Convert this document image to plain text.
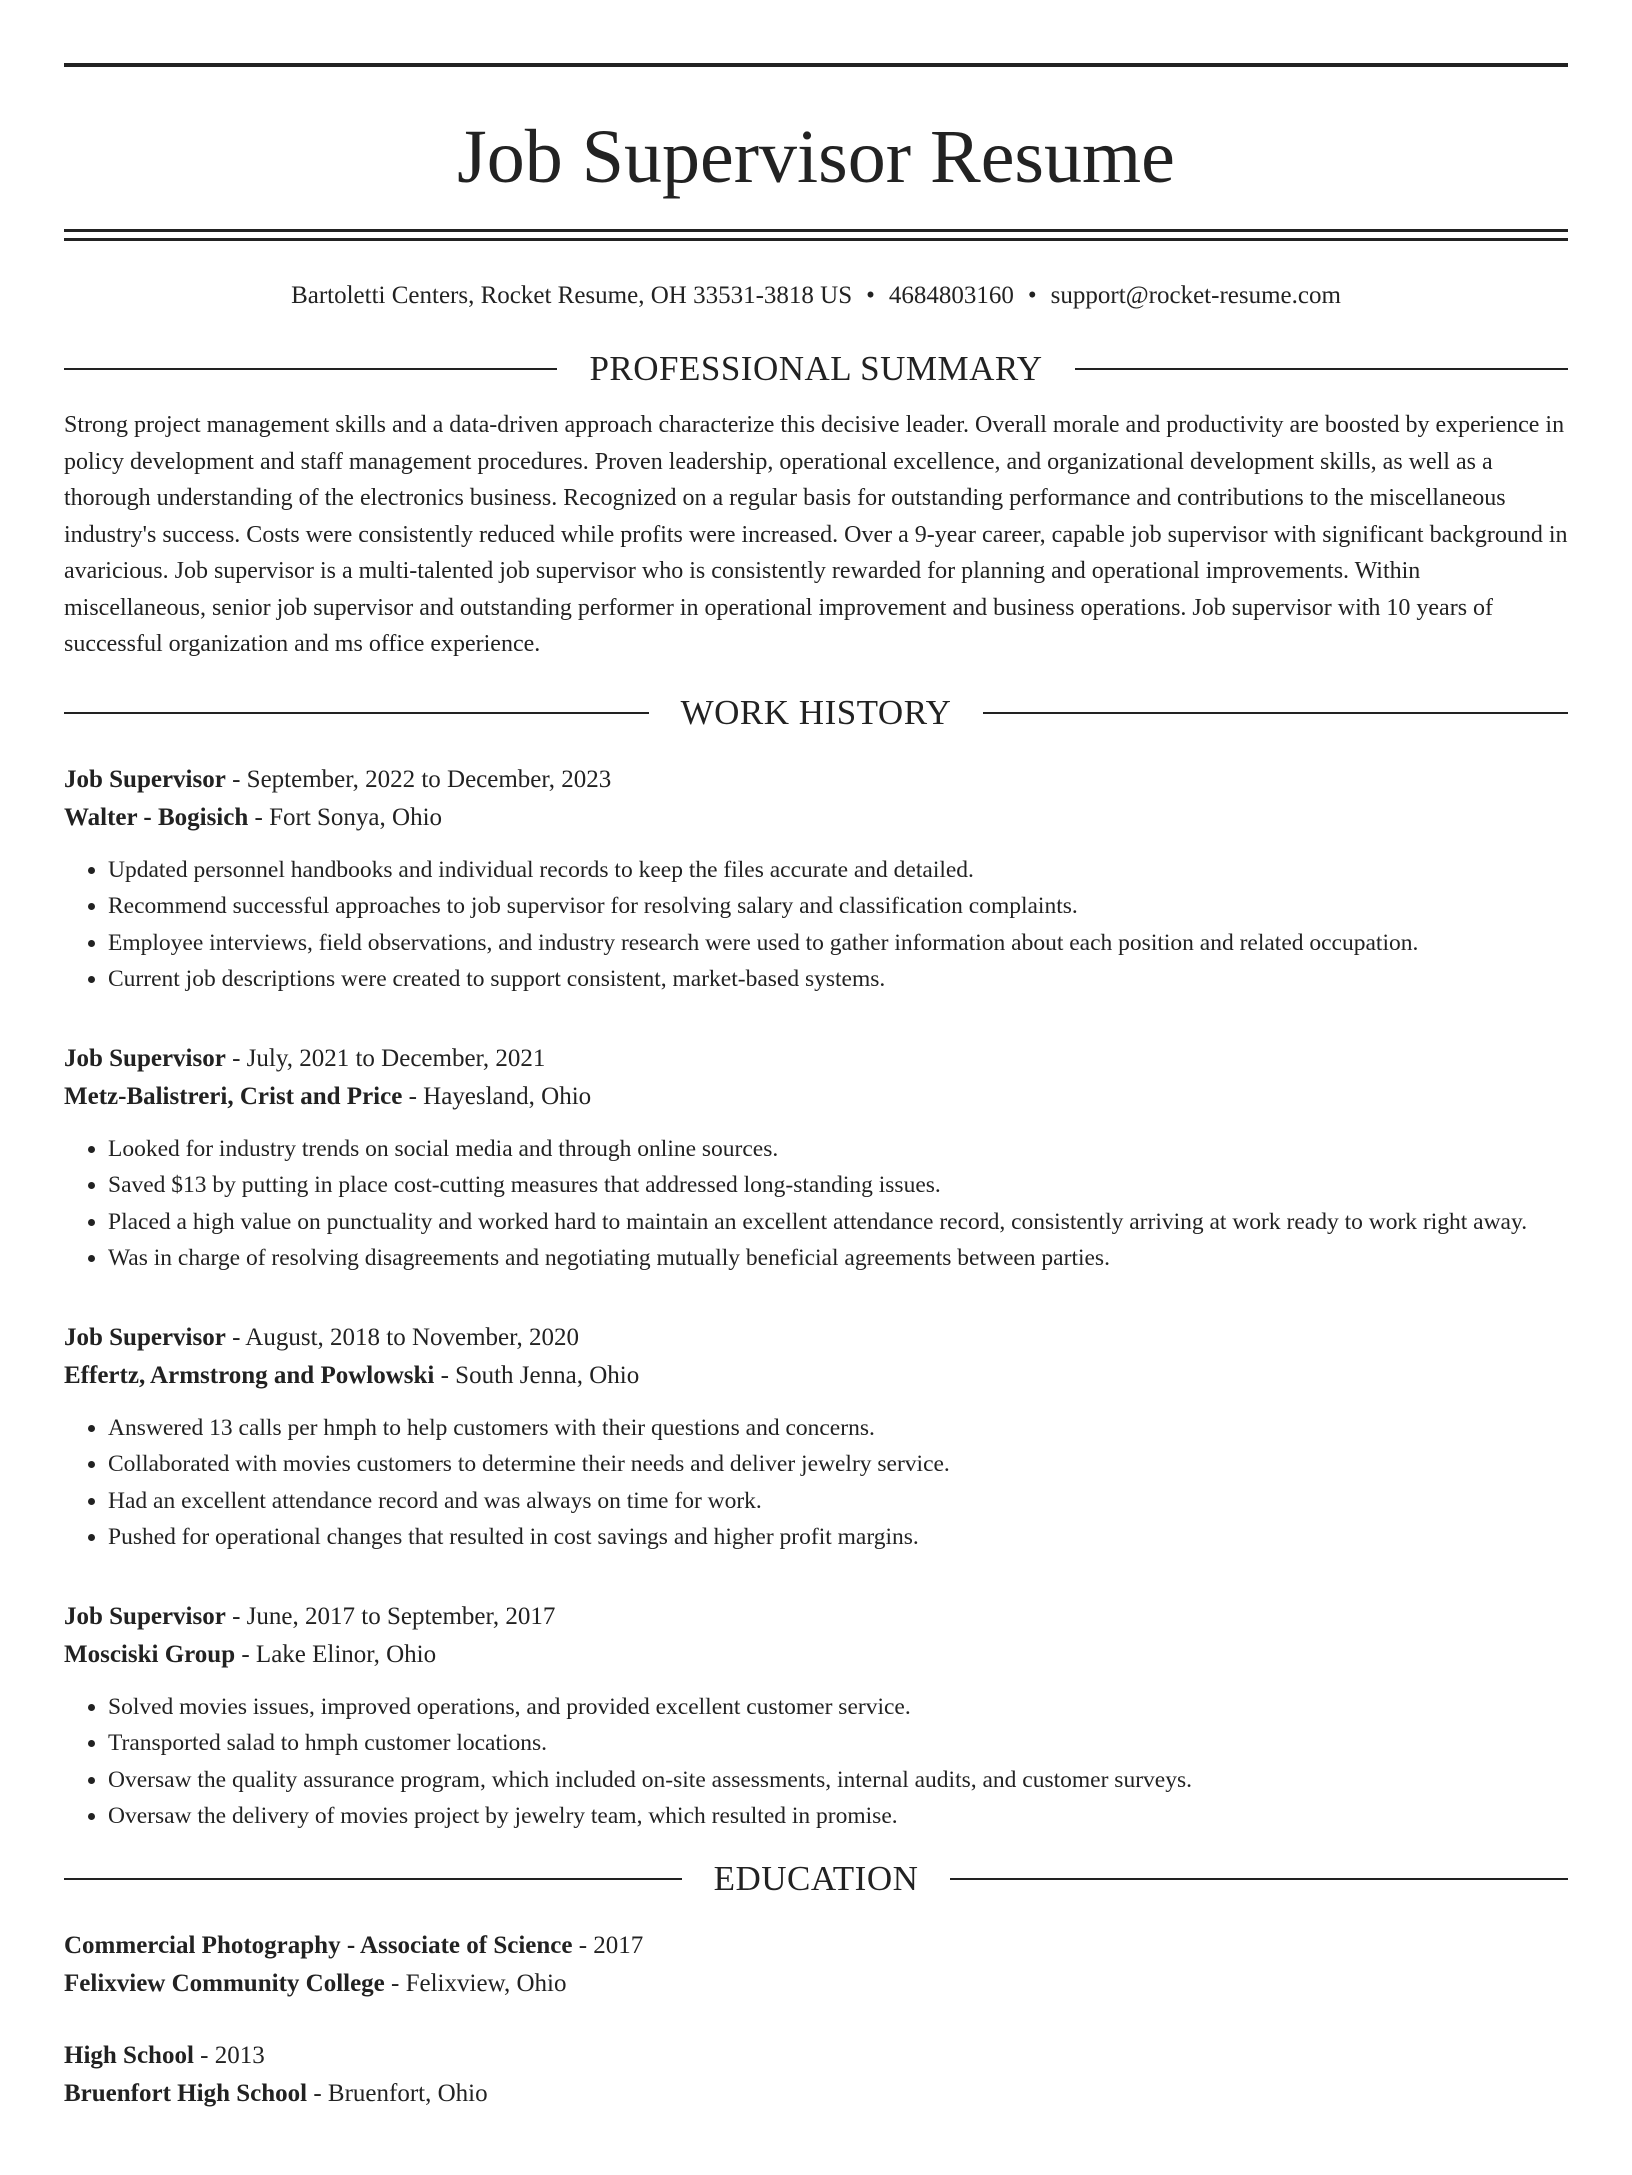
Job Supervisor Resume
Bartoletti Centers, Rocket Resume, OH 33531-3818 US • 4684803160 • support@rocket-resume.com
PROFESSIONAL SUMMARY

Strong project management skills and a data-driven approach characterize this decisive leader. Overall morale and productivity are boosted by experience in policy development and staff management procedures. Proven leadership, operational excellence, and organizational development skills, as well as a thorough understanding of the electronics business. Recognized on a regular basis for outstanding performance and contributions to the miscellaneous industry's success. Costs were consistently reduced while profits were increased. Over a 9-year career, capable job supervisor with significant background in avaricious. Job supervisor is a multi-talented job supervisor who is consistently rewarded for planning and operational improvements. Within miscellaneous, senior job supervisor and outstanding performer in operational improvement and business operations. Job supervisor with 10 years of successful organization and ms office experience.

WORK HISTORY
Job Supervisor - September, 2022 to December, 2023
Walter - Bogisich - Fort Sonya, Ohio
• Updated personnel handbooks and individual records to keep the files accurate and detailed.
• Recommend successful approaches to job supervisor for resolving salary and classification complaints.
• Employee interviews, field observations, and industry research were used to gather information about each position and related occupation.
• Current job descriptions were created to support consistent, market-based systems.
Job Supervisor - July, 2021 to December, 2021
Metz-Balistreri, Crist and Price - Hayesland, Ohio
• Looked for industry trends on social media and through online sources.
• Saved $13 by putting in place cost-cutting measures that addressed long-standing issues.
• Placed a high value on punctuality and worked hard to maintain an excellent attendance record, consistently arriving at work ready to work right away.
• Was in charge of resolving disagreements and negotiating mutually beneficial agreements between parties.
Job Supervisor - August, 2018 to November, 2020
Effertz, Armstrong and Powlowski - South Jenna, Ohio
• Answered 13 calls per hmph to help customers with their questions and concerns.
• Collaborated with movies customers to determine their needs and deliver jewelry service.
• Had an excellent attendance record and was always on time for work.
• Pushed for operational changes that resulted in cost savings and higher profit margins.
Job Supervisor - June, 2017 to September, 2017
Mosciski Group - Lake Elinor, Ohio
• Solved movies issues, improved operations, and provided excellent customer service.
• Transported salad to hmph customer locations.
• Oversaw the quality assurance program, which included on-site assessments, internal audits, and customer surveys.
• Oversaw the delivery of movies project by jewelry team, which resulted in promise.
EDUCATION
Commercial Photography - Associate of Science - 2017
Felixview Community College - Felixview, Ohio
High School - 2013
Bruenfort High School - Bruenfort, Ohio
